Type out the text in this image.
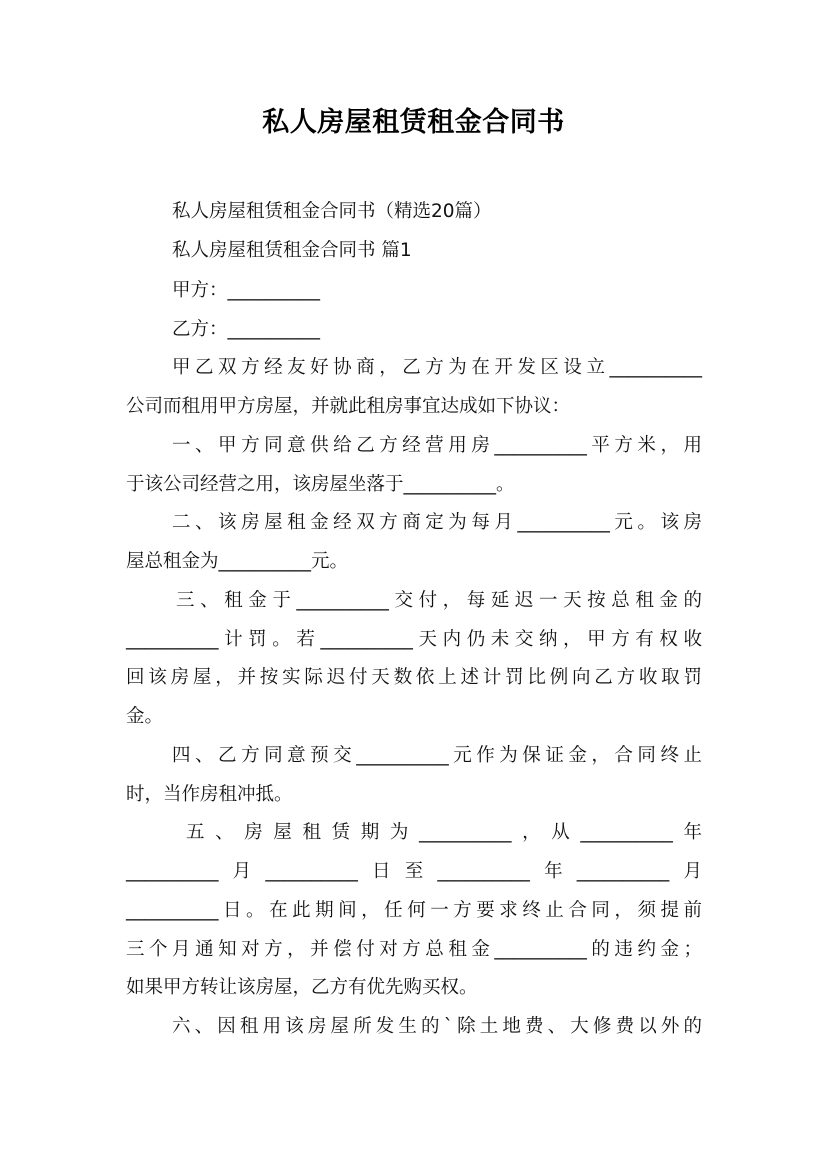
私人房屋租赁租金合同书
私人房屋租赁租金合同书（精选20篇）
私人房屋租赁租金合同书 篇1
甲方：__________
乙方：__________
甲乙双方经友好协商，乙方为在开发区设立__________
公司而租用甲方房屋，并就此租房事宜达成如下协议：
一、甲方同意供给乙方经营用房__________平方米，用
于该公司经营之用，该房屋坐落于__________。
二、该房屋租金经双方商定为每月__________元。该房
屋总租金为__________元。
三、租金于__________交付，每延迟一天按总租金的
__________计罚。若__________天内仍未交纳，甲方有权收
回该房屋，并按实际迟付天数依上述计罚比例向乙方收取罚
金。
四、乙方同意预交__________元作为保证金，合同终止
时，当作房租冲抵。
五、房屋租赁期为__________，从__________年
__________月__________日至__________年__________月
__________日。在此期间，任何一方要求终止合同，须提前
三个月通知对方，并偿付对方总租金__________的违约金；
如果甲方转让该房屋，乙方有优先购买权。
六、因租用该房屋所发生的`除土地费、大修费以外的
